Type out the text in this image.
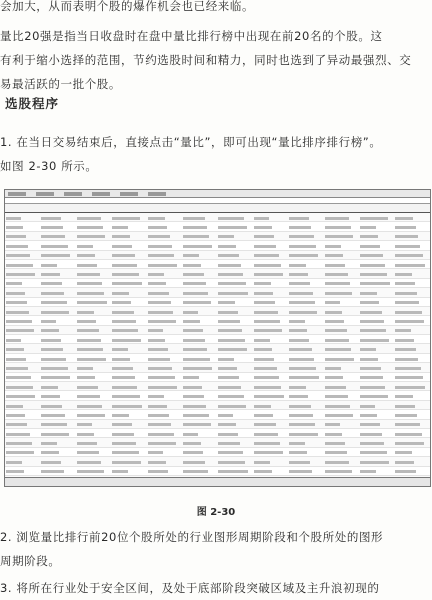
会加大，从而表明个股的爆作机会也已经来临。
量比20强是指当日收盘时在盘中量比排行榜中出现在前20名的个股。这
有利于缩小选择的范围，节约选股时间和精力，同时也选到了异动最强烈、交
易最活跃的一批个股。
选股程序
1. 在当日交易结束后，直接点击“量比”，即可出现“量比排序排行榜”。
如图 2-30 所示。

图 2-30

2. 浏览量比排行前20位个股所处的行业图形周期阶段和个股所处的图形
周期阶段。
3. 将所在行业处于安全区间，及处于底部阶段突破区域及主升浪初现的
